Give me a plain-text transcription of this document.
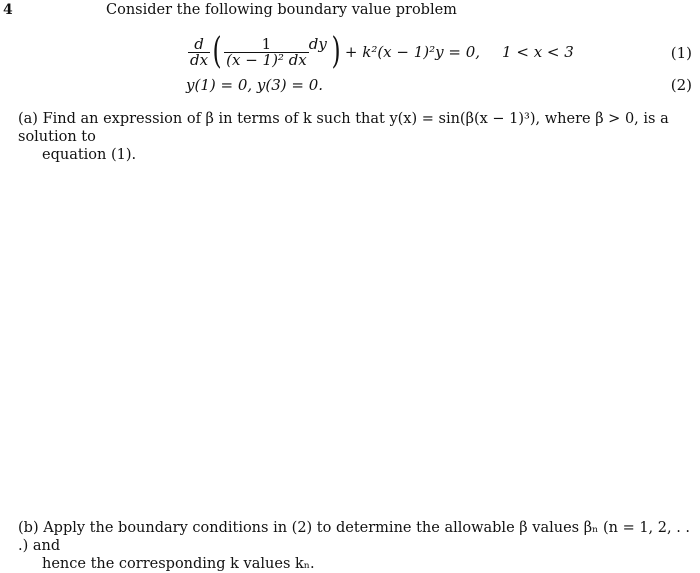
4	Consider the following boundary value problem
$\frac{d}{dx}$ ( $\frac{1}{\text{(x − 1)² dx}}$ dy ) + k²(x − 1)²y = 0, 1 < x < 3	(1)
y(1) = 0, y(3) = 0.	(2)
(a) Find an expression of β in terms of k such that y(x) = sin(β(x − 1)³), where β > 0, is a solution to
equation (1).
(b) Apply the boundary conditions in (2) to determine the allowable β values βₙ (n = 1, 2, . . .) and
hence the corresponding k values kₙ.
